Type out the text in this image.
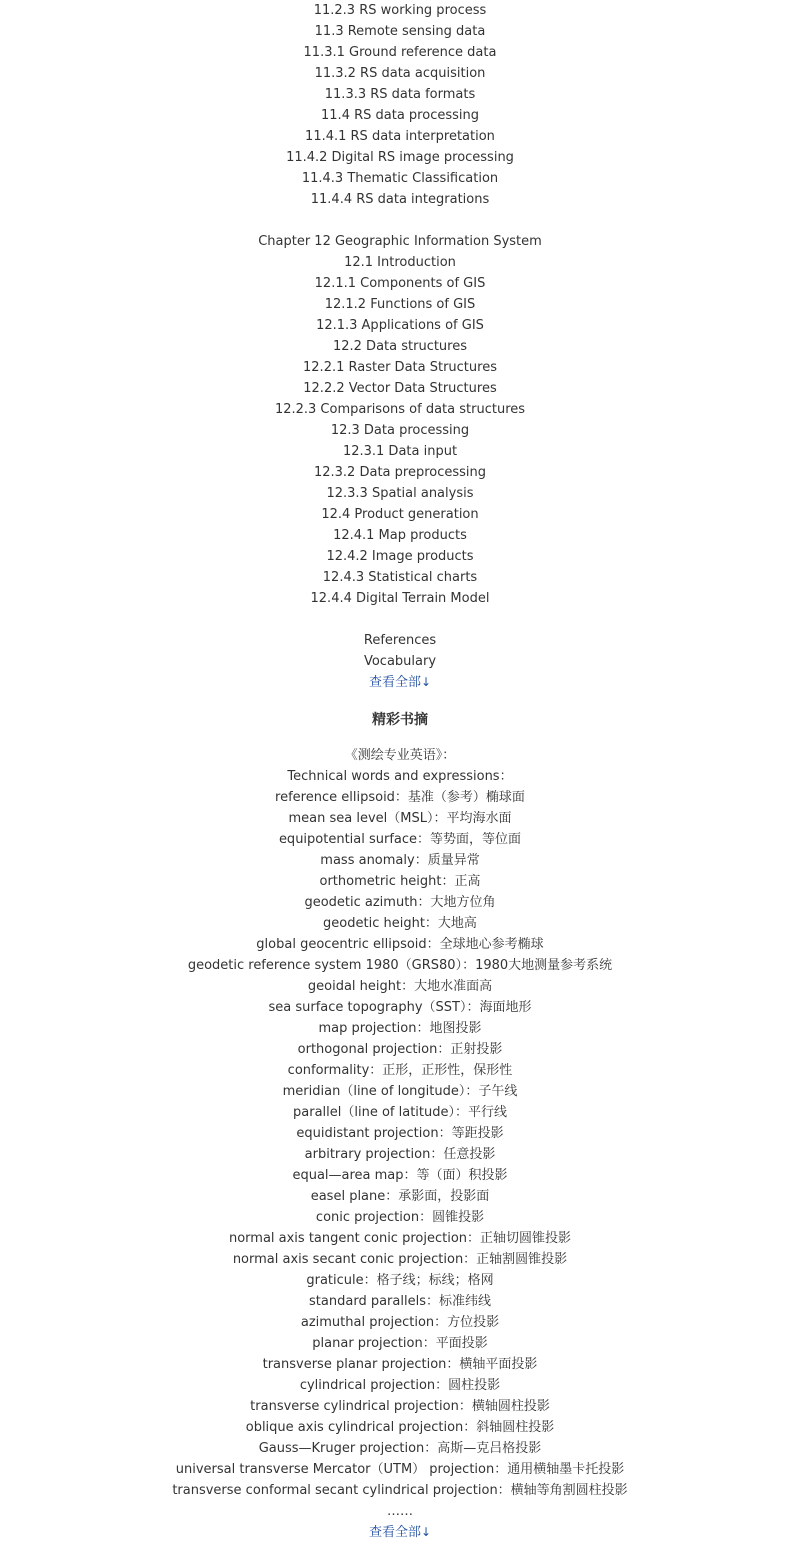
11.2.3 RS working process
11.3 Remote sensing data
11.3.1 Ground reference data
11.3.2 RS data acquisition
11.3.3 RS data formats
11.4 RS data processing
11.4.1 RS data interpretation
11.4.2 Digital RS image processing
11.4.3 Thematic Classification
11.4.4 RS data integrations
Chapter 12 Geographic Information System
12.1 Introduction
12.1.1 Components of GIS
12.1.2 Functions of GIS
12.1.3 Applications of GIS
12.2 Data structures
12.2.1 Raster Data Structures
12.2.2 Vector Data Structures
12.2.3 Comparisons of data structures
12.3 Data processing
12.3.1 Data input
12.3.2 Data preprocessing
12.3.3 Spatial analysis
12.4 Product generation
12.4.1 Map products
12.4.2 Image products
12.4.3 Statistical charts
12.4.4 Digital Terrain Model
References
Vocabulary
查看全部↓
精彩书摘
《测绘专业英语》：
Technical words and expressions：
reference ellipsoid：基准（参考）椭球面
mean sea level（MSL）：平均海水面
equipotential surface：等势面，等位面
mass anomaly：质量异常
orthometric height：正高
geodetic azimuth：大地方位角
geodetic height：大地高
global geocentric ellipsoid：全球地心参考椭球
geodetic reference system 1980（GRS80）：1980大地测量参考系统
geoidal height：大地水准面高
sea surface topography（SST）：海面地形
map projection：地图投影
orthogonal projection：正射投影
conformality：正形，正形性，保形性
meridian（line of longitude）：子午线
parallel（line of latitude）：平行线
equidistant projection：等距投影
arbitrary projection：任意投影
equal—area map：等（面）积投影
easel plane：承影面，投影面
conic projection：圆锥投影
normal axis tangent conic projection：正轴切圆锥投影
normal axis secant conic projection：正轴割圆锥投影
graticule：格子线；标线；格网
standard parallels：标准纬线
azimuthal projection：方位投影
planar projection：平面投影
transverse planar projection：横轴平面投影
cylindrical projection：圆柱投影
transverse cylindrical projection：横轴圆柱投影
oblique axis cylindrical projection：斜轴圆柱投影
Gauss—Kruger projection：高斯—克吕格投影
universal transverse Mercator（UTM） projection：通用横轴墨卡托投影
transverse conformal secant cylindrical projection：横轴等角割圆柱投影
……
查看全部↓
